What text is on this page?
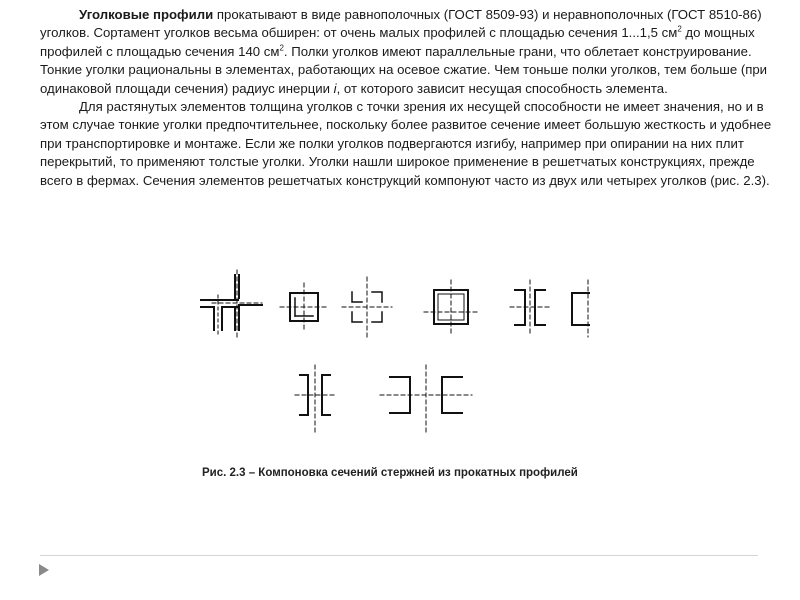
Уголковые профили прокатывают в виде равнополочных (ГОСТ 8509-93) и неравнополочных (ГОСТ 8510-86) уголков. Сортамент уголков весьма обширен: от очень малых профилей с площадью сечения 1...1,5 $см^2$ до мощных профилей с площадью сечения 140 $см^2$. Полки уголков имеют параллельные грани, что облетает конструирование. Тонкие уголки рациональны в элементах, работающих на осевое сжатие. Чем тоньше полки уголков, тем больше (при одинаковой площади сечения) радиус инерции i, от которого зависит несущая способность элемента.

Для растянутых элементов толщина уголков с точки зрения их несущей способности не имеет значения, но и в этом случае тонкие уголки предпочтительнее, поскольку более развитое сечение имеет большую жесткость и удобнее при транспортировке и монтаже. Если же полки уголков подвергаются изгибу, например при опирании на них плит перекрытий, то применяют толстые уголки. Уголки нашли широкое применение в решетчатых конструкциях, прежде всего в фермах. Сечения элементов решетчатых конструкций компонуют часто из двух или четырех уголков (рис. 2.3).

Рис. 2.3 – Компоновка сечений стержней из прокатных профилей
